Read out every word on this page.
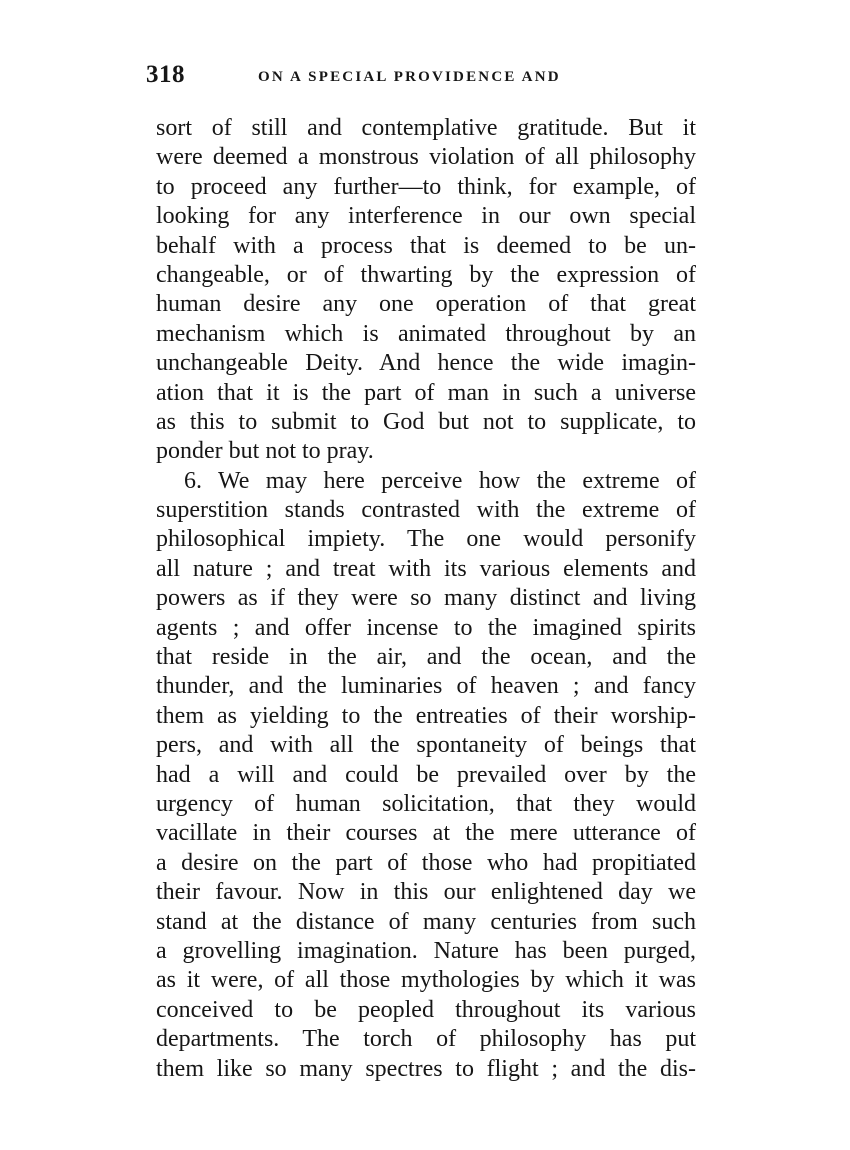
318	ON A SPECIAL PROVIDENCE AND
sort of still and contemplative gratitude. But it
were deemed a monstrous violation of all philosophy
to proceed any further—to think, for example, of
looking for any interference in our own special
behalf with a process that is deemed to be un-
changeable, or of thwarting by the expression of
human desire any one operation of that great
mechanism which is animated throughout by an
unchangeable Deity. And hence the wide imagin-
ation that it is the part of man in such a universe
as this to submit to God but not to supplicate, to
ponder but not to pray.
6. We may here perceive how the extreme of
superstition stands contrasted with the extreme of
philosophical impiety. The one would personify
all nature ; and treat with its various elements and
powers as if they were so many distinct and living
agents ; and offer incense to the imagined spirits
that reside in the air, and the ocean, and the
thunder, and the luminaries of heaven ; and fancy
them as yielding to the entreaties of their worship-
pers, and with all the spontaneity of beings that
had a will and could be prevailed over by the
urgency of human solicitation, that they would
vacillate in their courses at the mere utterance of
a desire on the part of those who had propitiated
their favour. Now in this our enlightened day we
stand at the distance of many centuries from such
a grovelling imagination. Nature has been purged,
as it were, of all those mythologies by which it was
conceived to be peopled throughout its various
departments. The torch of philosophy has put
them like so many spectres to flight ; and the dis-
